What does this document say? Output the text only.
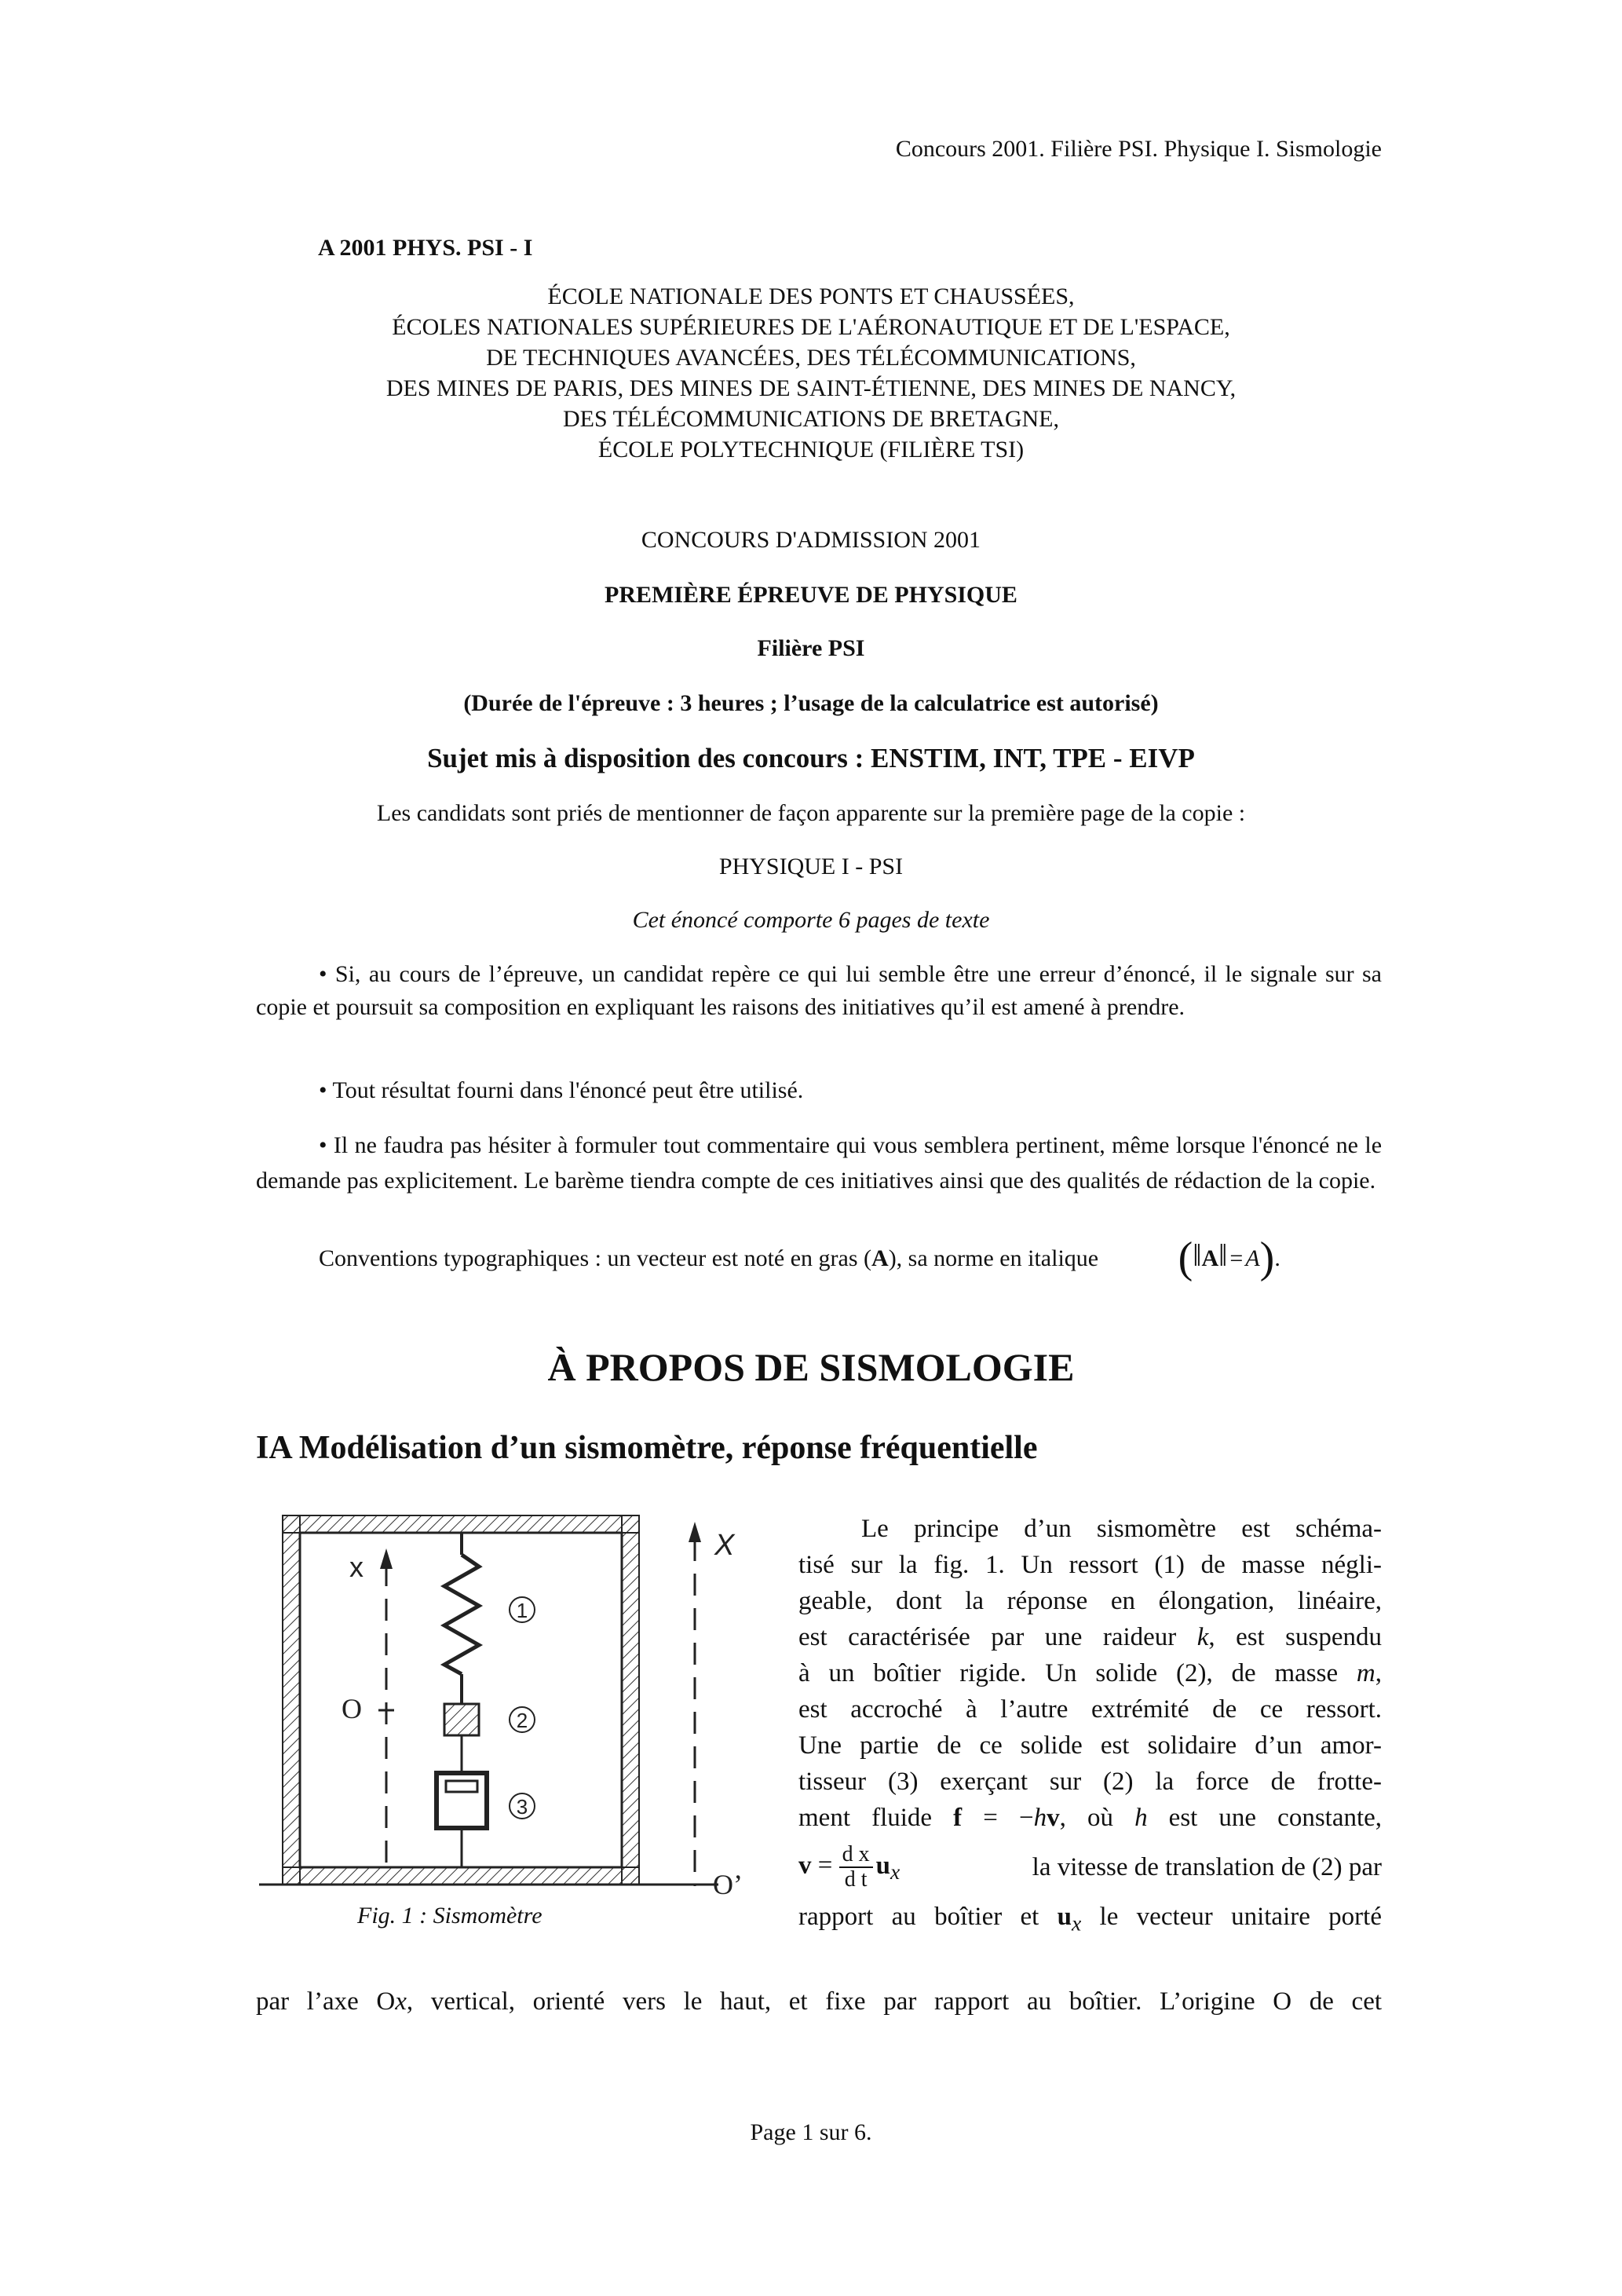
Concours 2001. Filière PSI. Physique I. Sismologie
A 2001 PHYS. PSI - I
ÉCOLE NATIONALE DES PONTS ET CHAUSSÉES,
ÉCOLES NATIONALES SUPÉRIEURES DE L'AÉRONAUTIQUE ET DE L'ESPACE,
DE TECHNIQUES AVANCÉES, DES TÉLÉCOMMUNICATIONS,
DES MINES DE PARIS, DES MINES DE SAINT-ÉTIENNE, DES MINES DE NANCY,
DES TÉLÉCOMMUNICATIONS DE BRETAGNE,
ÉCOLE POLYTECHNIQUE (FILIÈRE TSI)
CONCOURS D'ADMISSION 2001
PREMIÈRE ÉPREUVE DE PHYSIQUE
Filière PSI
(Durée de l'épreuve : 3 heures ; l’usage de la calculatrice est autorisé)
Sujet mis à disposition des concours : ENSTIM, INT, TPE - EIVP
Les candidats sont priés de mentionner de façon apparente sur la première page de la copie :
PHYSIQUE I - PSI
Cet énoncé comporte 6 pages de texte
• Si, au cours de l’épreuve, un candidat repère ce qui lui semble être une erreur d’énoncé, il le signale sur sa copie et poursuit sa composition en expliquant les raisons des initiatives qu’il est amené à prendre.
• Tout résultat fourni dans l'énoncé peut être utilisé.
• Il ne faudra pas hésiter à formuler tout commentaire qui vous semblera pertinent, même lorsque l'énoncé ne le demande pas explicitement. Le barème tiendra compte de ces initiatives ainsi que des qualités de rédaction de la copie.
Conventions typographiques : un vecteur est noté en gras (A), sa norme en italique (‖A‖ = A).
À PROPOS DE SISMOLOGIE
IA Modélisation d’un sismomètre, réponse fréquentielle
x
O
1
2
3
X
O’
Fig. 1 : Sismomètre
Le principe d’un sismomètre est schéma-
tisé sur la fig. 1. Un ressort (1) de masse négli-
geable, dont la réponse en élongation, linéaire,
est caractérisée par une raideur k, est suspendu
à un boîtier rigide. Un solide (2), de masse m,
est accroché à l’autre extrémité de ce ressort.
Une partie de ce solide est solidaire d’un amor-
tisseur (3) exerçant sur (2) la force de frotte-
ment fluide f = −hv, où h est une constante,
$v = \frac{\text{d x}}{\text{d t}} u_x$	la vitesse de translation de (2) par
rapport au boîtier et $u_x$ le vecteur unitaire porté
par l’axe Ox, vertical, orienté vers le haut, et fixe par rapport au boîtier. L’origine O de cet
Page 1 sur 6.
